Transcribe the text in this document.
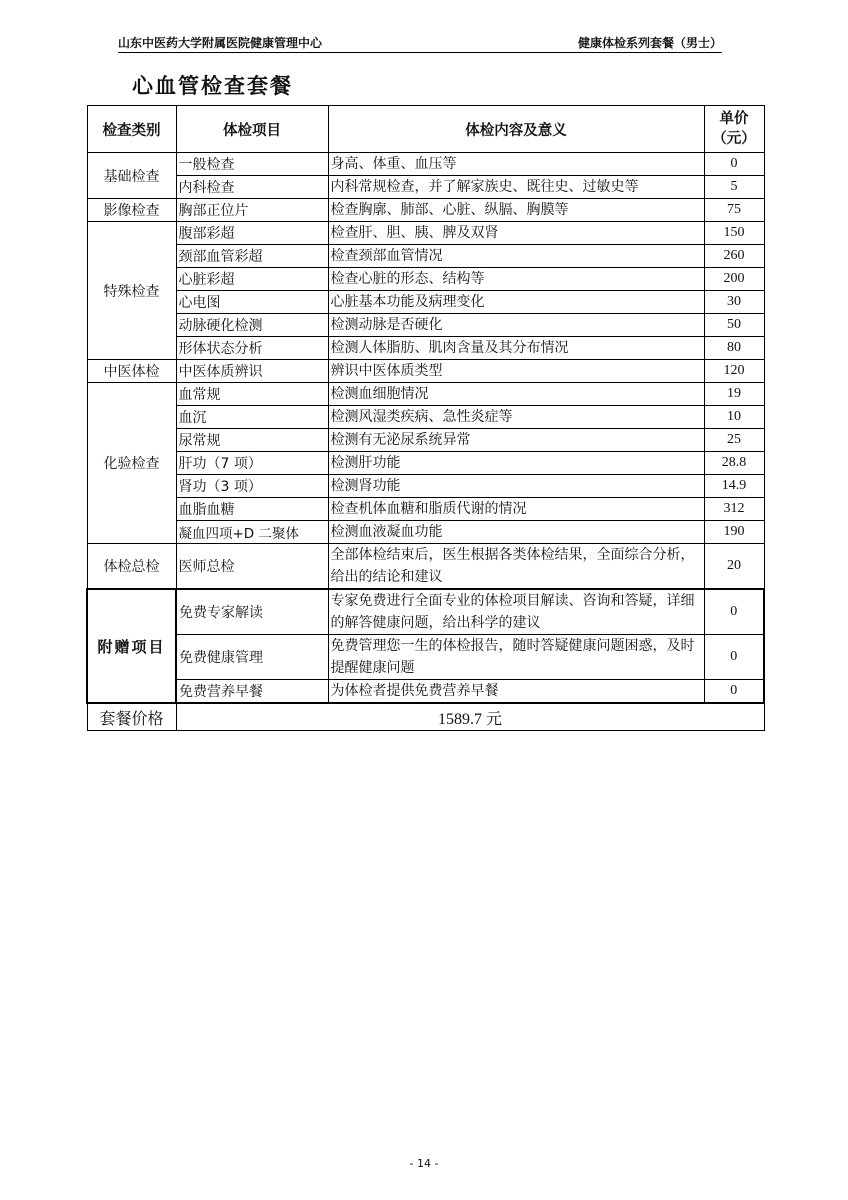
山东中医药大学附属医院健康管理中心	健康体检系列套餐（男士）
心血管检查套餐
检查类别	体检项目	体检内容及意义	单价（元）
基础检查	一般检查	身高、体重、血压等	0
	内科检查	内科常规检查，并了解家族史、既往史、过敏史等	5
影像检查	胸部正位片	检查胸廓、肺部、心脏、纵膈、胸膜等	75
特殊检查	腹部彩超	检查肝、胆、胰、脾及双肾	150
	颈部血管彩超	检查颈部血管情况	260
	心脏彩超	检查心脏的形态、结构等	200
	心电图	心脏基本功能及病理变化	30
	动脉硬化检测	检测动脉是否硬化	50
	形体状态分析	检测人体脂肪、肌肉含量及其分布情况	80
中医体检	中医体质辨识	辨识中医体质类型	120
化验检查	血常规	检测血细胞情况	19
	血沉	检测风湿类疾病、急性炎症等	10
	尿常规	检测有无泌尿系统异常	25
	肝功（7 项）	检测肝功能	28.8
	肾功（3 项）	检测肾功能	14.9
	血脂血糖	检查机体血糖和脂质代谢的情况	312
	凝血四项+D 二聚体	检测血液凝血功能	190
体检总检	医师总检	全部体检结束后，医生根据各类体检结果，全面综合分析，给出的结论和建议	20
附赠项目	免费专家解读	专家免费进行全面专业的体检项目解读、咨询和答疑，详细的解答健康问题，给出科学的建议	0
	免费健康管理	免费管理您一生的体检报告，随时答疑健康问题困惑，及时提醒健康问题	0
	免费营养早餐	为体检者提供免费营养早餐	0
套餐价格	1589.7 元		
- 14 -
